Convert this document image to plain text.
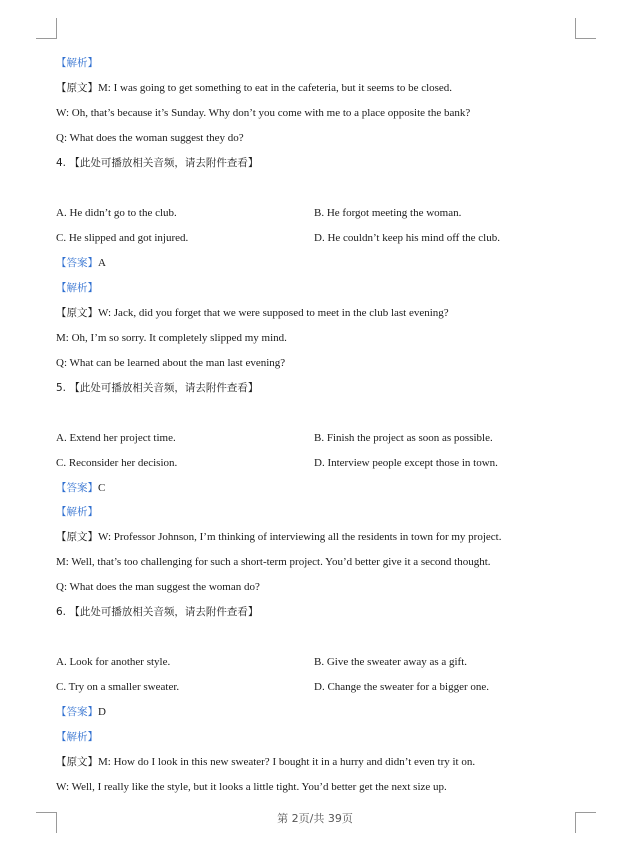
【解析】
【原文】M: I was going to get something to eat in the cafeteria, but it seems to be closed.
W: Oh, that’s because it’s Sunday. Why don’t you come with me to a place opposite the bank?
Q: What does the woman suggest they do?
4. 【此处可播放相关音频，请去附件查看】
A. He didn’t go to the club.	B. He forgot meeting the woman.
C. He slipped and got injured.	D. He couldn’t keep his mind off the club.
【答案】A
【解析】
【原文】W: Jack, did you forget that we were supposed to meet in the club last evening?
M: Oh, I’m so sorry. It completely slipped my mind.
Q: What can be learned about the man last evening?
5. 【此处可播放相关音频，请去附件查看】
A. Extend her project time.	B. Finish the project as soon as possible.
C. Reconsider her decision.	D. Interview people except those in town.
【答案】C
【解析】
【原文】W: Professor Johnson, I’m thinking of interviewing all the residents in town for my project.
M: Well, that’s too challenging for such a short-term project. You’d better give it a second thought.
Q: What does the man suggest the woman do?
6. 【此处可播放相关音频，请去附件查看】
A. Look for another style.	B. Give the sweater away as a gift.
C. Try on a smaller sweater.	D. Change the sweater for a bigger one.
【答案】D
【解析】
【原文】M: How do I look in this new sweater? I bought it in a hurry and didn’t even try it on.
W: Well, I really like the style, but it looks a little tight. You’d better get the next size up.
第 2页/共 39页
